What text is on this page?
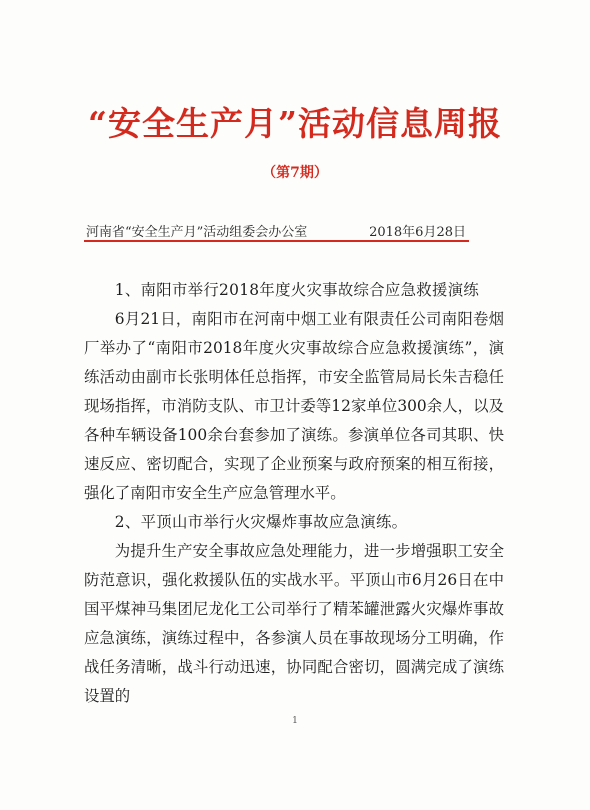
“安全生产月”活动信息周报
（第7期）
河南省“安全生产月”活动组委会办公室	2018年6月28日

1、南阳市举行2018年度火灾事故综合应急救援演练

6月21日，南阳市在河南中烟工业有限责任公司南阳卷烟厂举办了“南阳市2018年度火灾事故综合应急救援演练”，演练活动由副市长张明体任总指挥，市安全监管局局长朱吉稳任现场指挥，市消防支队、市卫计委等12家单位300余人，以及各种车辆设备100余台套参加了演练。参演单位各司其职、快速反应、密切配合，实现了企业预案与政府预案的相互衔接，强化了南阳市安全生产应急管理水平。

2、平顶山市举行火灾爆炸事故应急演练。

为提升生产安全事故应急处理能力，进一步增强职工安全防范意识，强化救援队伍的实战水平。平顶山市6月26日在中国平煤神马集团尼龙化工公司举行了精苯罐泄露火灾爆炸事故应急演练，演练过程中，各参演人员在事故现场分工明确，作战任务清晰，战斗行动迅速，协同配合密切，圆满完成了演练设置的

1
